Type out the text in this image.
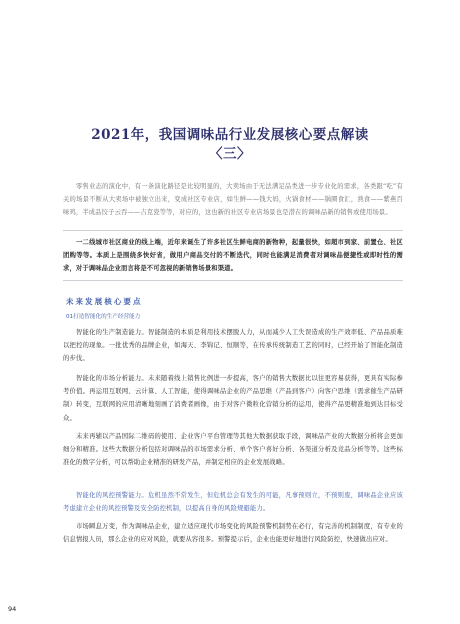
2021年，我国调味品行业发展核心要点解读
〈三〉

零售业态的演化中，有一条演化路径是比较明显的，大卖场由于无法满足品类进一步专业化的需求，各类跟“吃”有关的场景不断从大卖场中被独立出来，变成社区专业店，如生鲜——钱大妈，火锅食材——锅圈食汇，熟食——紫燕百味鸡，半成品饺子云吞——吉克瓷等等，对应的，这也新的社区专业店场景也是潜在的调味品新的销售或使用场景。

一二线城市社区商业的线上端，近年来诞生了许多社区生鲜电商的新物种，起量很快，如超市到家、前置仓、社区团购等等。本质上是围绕多快好省，做用户商品交付的不断迭代，同时也能满足消费者对调味品便捷性或即时性的需求，对于调味品企业而言将是不可忽视的新销售场景和渠道。

未来发展核心要点
01打造智能化的生产经营能力

智能化的生产制造能力。智能制造的本质是利用技术摆脱人力，从而减少人工失误造成的生产效率低、产品品质难以把控的现象。一批优秀的品牌企业，如海天、李锦记、恒顺等，在传承传统制造工艺的同时，已经开始了智能化制造的步伐。

智能化的市场分析能力。未来随着线上销售比例进一步提高，客户的销售大数据比以往更容易获得，更具有实际参考价值。再运用互联网、云计算、人工智能，使得调味品企业的产品思维（产品到客户）向客户思维（需求催生产品研制）转变，互联网的应用清晰地刻画了消费者画像，由于对客户微粒化营销分析的运用，使得产品更精准地到达目标受众。

未来再辅以产品国际二维码的使用、企业客户平台管理等其他大数据获取手段，调味品产业的大数据分析将会更加细分和精准。这些大数据分析包括对调味品的市场需求分析、单个客户喜好分析、各渠道分析及竞品分析等等。这些标准化的数字分析，可以帮助企业精准的研发产品，并制定相应的企业发展战略。

智能化的风控预警能力。危机虽然不常发生，但危机总会有发生的可能，凡事预则立，不预则废，调味品企业应该考虑建立企业的风控预警及安全防控机制，以提高自身的风险规避能力。

市场瞬息万变，作为调味品企业，建立适应现代市场变化的风险预警机制势在必行，有完善的机制制度，有专业的信息情报人员，那么企业的应对风险，就要从容很多。预警提示后，企业也能更好地进行风险防控，快速做出应对。

94
